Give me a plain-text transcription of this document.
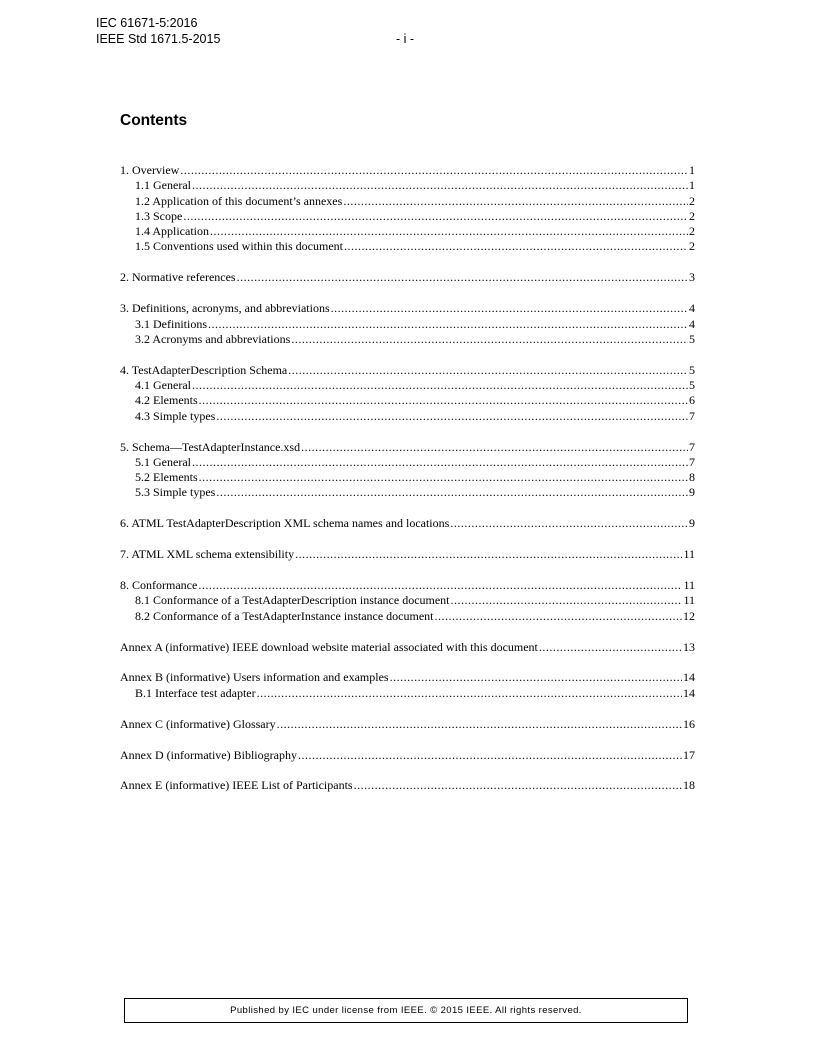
IEC 61671-5:2016
IEEE Std 1671.5-2015	- i -
Contents
1. Overview .....	1
1.1 General .....	1
1.2 Application of this document’s annexes .....	2
1.3 Scope .....	2
1.4 Application .....	2
1.5 Conventions used within this document .....	2
2. Normative references .....	3
3. Definitions, acronyms, and abbreviations .....	4
3.1 Definitions .....	4
3.2 Acronyms and abbreviations .....	5
4. TestAdapterDescription Schema .....	5
4.1 General .....	5
4.2 Elements .....	6
4.3 Simple types .....	7
5. Schema—TestAdapterInstance.xsd .....	7
5.1 General .....	7
5.2 Elements .....	8
5.3 Simple types .....	9
6. ATML TestAdapterDescription XML schema names and locations .....	9
7. ATML XML schema extensibility .....	11
8. Conformance .....	11
8.1 Conformance of a TestAdapterDescription instance document .....	11
8.2 Conformance of a TestAdapterInstance instance document .....	12
Annex A (informative) IEEE download website material associated with this document .....	13
Annex B (informative) Users information and examples .....	14
B.1 Interface test adapter .....	14
Annex C (informative) Glossary .....	16
Annex D (informative) Bibliography .....	17
Annex E (informative) IEEE List of Participants .....	18
Published by IEC under license from IEEE. © 2015 IEEE. All rights reserved.
